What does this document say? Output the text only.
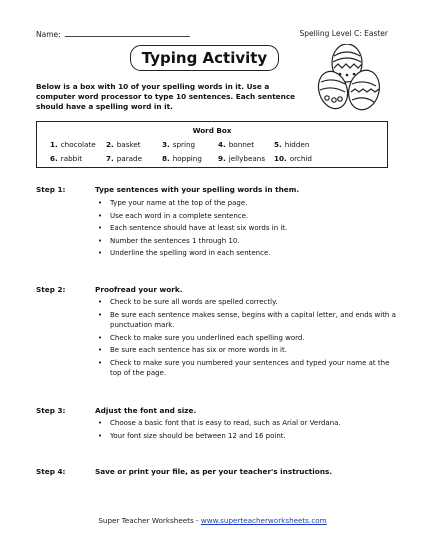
Name:	Spelling Level C: Easter
Typing Activity
Below is a box with 10 of your spelling words in it. Use a computer word processor to type 10 sentences. Each sentence should have a spelling word in it.
Word Box
1. chocolate 2. basket	3. spring	4. bonnet	5. hidden
6. rabbit	7. parade	8. hopping 9. jellybeans 10. orchid
Step 1:	Type sentences with your spelling words in them.
• Type your name at the top of the page.
• Use each word in a complete sentence.
• Each sentence should have at least six words in it.
• Number the sentences 1 through 10.
• Underline the spelling word in each sentence.
Step 2:	Proofread your work.
• Check to be sure all words are spelled correctly.
• Be sure each sentence makes sense, begins with a capital letter, and ends with a punctuation mark.
• Check to make sure you underlined each spelling word.
• Be sure each sentence has six or more words in it.
• Check to make sure you numbered your sentences and typed your name at the top of the page.
Step 3:	Adjust the font and size.
• Choose a basic font that is easy to read, such as Arial or Verdana.
• Your font size should be between 12 and 16 point.
Step 4:	Save or print your file, as per your teacher's instructions.
Super Teacher Worksheets - www.superteacherworksheets.com
